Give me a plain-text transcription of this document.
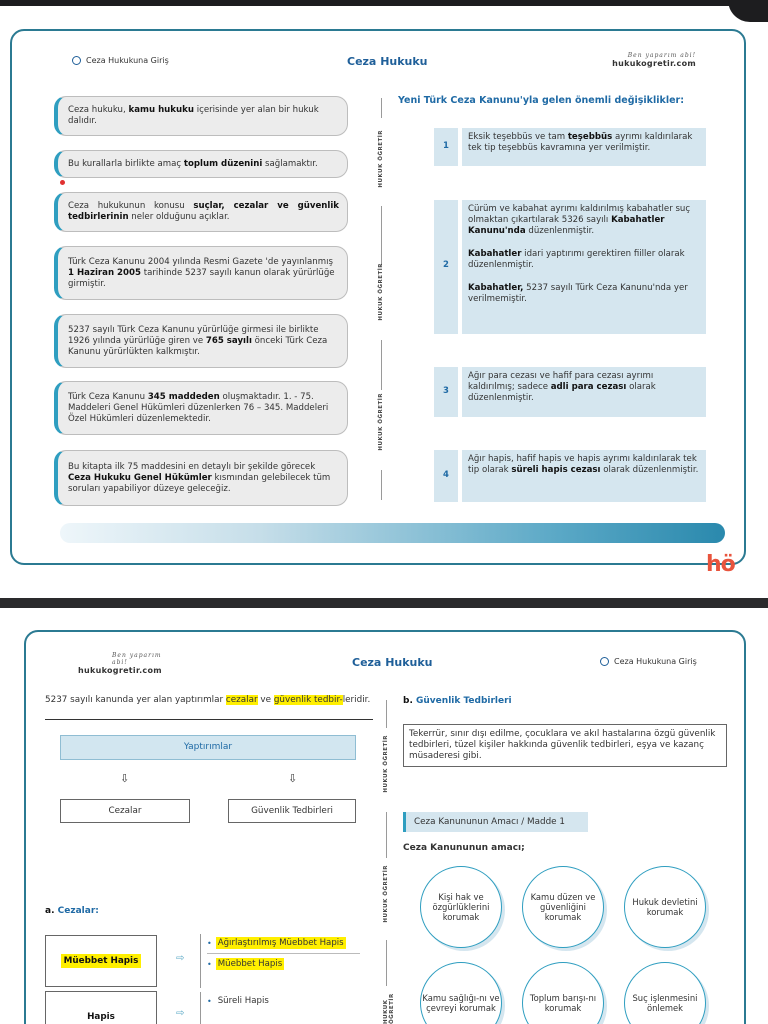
Ceza Hukukuna Giriş	Ceza Hukuku	Ben yaparım abi!
hukukogretir.com
Ceza hukuku, kamu hukuku içerisinde yer alan bir hukuk dalıdır.
Bu kurallarla birlikte amaç toplum düzenini sağlamaktır.
Ceza hukukunun konusu suçlar, cezalar ve güvenlik tedbirlerinin neler olduğunu açıklar.
Türk Ceza Kanunu 2004 yılında Resmi Gazete 'de yayınlanmış 1 Haziran 2005 tarihinde 5237 sayılı kanun olarak yürürlüğe girmiştir.
5237 sayılı Türk Ceza Kanunu yürürlüğe girmesi ile birlikte 1926 yılında yürürlüğe giren ve 765 sayılı önceki Türk Ceza Kanunu yürürlükten kalkmıştır.
Türk Ceza Kanunu 345 maddeden oluşmaktadır. 1. - 75. Maddeleri Genel Hükümleri düzenlerken 76 – 345. Maddeleri Özel Hükümleri düzenlemektedir.
Bu kitapta ilk 75 maddesini en detaylı bir şekilde görecek Ceza Hukuku Genel Hükümler kısmından gelebilecek tüm soruları yapabiliyor düzeye geleceğiz.
HUKUK ÖĞRETİR
HUKUK ÖĞRETİR
HUKUK ÖĞRETİR
Yeni Türk Ceza Kanunu'yla gelen önemli değişiklikler:
1

Eksik teşebbüs ve tam teşebbüs ayrımı kaldırılarak tek tip teşebbüs kavramına yer verilmiştir.

2

Cürüm ve kabahat ayrımı kaldırılmış kabahatler suç olmaktan çıkartılarak 5326 sayılı Kabahatler Kanunu'nda düzenlenmiştir.

Kabahatler idari yaptırımı gerektiren fiiller olarak düzenlenmiştir.

Kabahatler, 5237 sayılı Türk Ceza Kanunu'nda yer verilmemiştir.

3

Ağır para cezası ve hafif para cezası ayrımı kaldırılmış; sadece adli para cezası olarak düzenlenmiştir.

4

Ağır hapis, hafif hapis ve hapis ayrımı kaldırılarak tek tip olarak süreli hapis cezası olarak düzenlenmiştir.

hö
Ben yaparım abi!
hukukogretir.com
Ceza Hukuku	Ceza Hukukuna Giriş
5237 sayılı kanunda yer alan yaptırımlar cezalar ve güvenlik tedbir-leridir.
Yaptırımlar
⇩	⇩
Cezalar	Güvenlik Tedbirleri
a. Cezalar:
Müebbet Hapis	⇨
• Ağırlaştırılmış Müebbet Hapis
• Müebbet Hapis
Hapis	⇨
• Süreli Hapis
HUKUK ÖĞRETİR
HUKUK ÖĞRETİR
HUKUK ÖĞRETİR
b. Güvenlik Tedbirleri
Tekerrür, sınır dışı edilme, çocuklara ve akıl hastalarına özgü güvenlik tedbirleri, tüzel kişiler hakkında güvenlik tedbirleri, eşya ve kazanç müsaderesi gibi.
Ceza Kanununun Amacı / Madde 1
Ceza Kanununun amacı;
Kişi hak ve özgürlüklerini korumak
Kamu düzen ve güvenliğini korumak
Hukuk devletini korumak
Kamu sağlığı-nı ve çevreyi korumak
Toplum barışı-nı korumak
Suç işlenmesini önlemek
